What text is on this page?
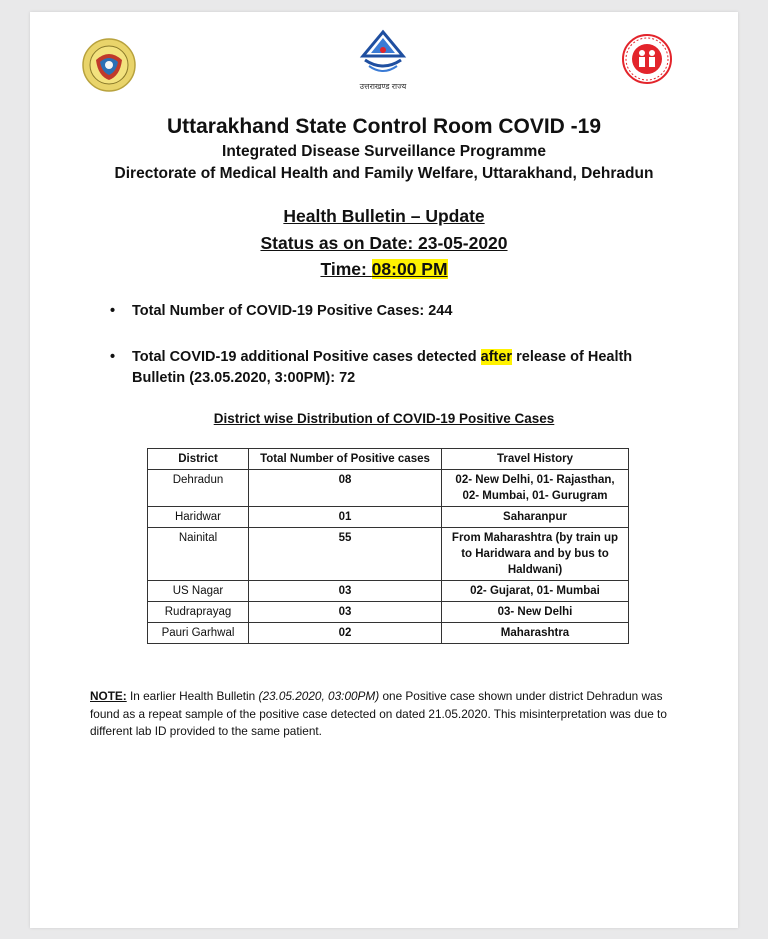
उत्तराखण्ड राज्य
Uttarakhand State Control Room COVID -19
Integrated Disease Surveillance Programme
Directorate of Medical Health and Family Welfare, Uttarakhand, Dehradun
Health Bulletin – Update
Status as on Date: 23-05-2020
Time: 08:00 PM
•	Total Number of COVID-19 Positive Cases: 244
•	Total COVID-19 additional Positive cases detected after release of Health Bulletin (23.05.2020, 3:00PM): 72
District wise Distribution of COVID-19 Positive Cases
District	Total Number of Positive cases	Travel History
Dehradun	08	02- New Delhi, 01- Rajasthan, 02- Mumbai, 01- Gurugram
Haridwar	01	Saharanpur
Nainital	55	From Maharashtra (by train up to Haridwara and by bus to Haldwani)
US Nagar	03	02- Gujarat, 01- Mumbai
Rudraprayag	03	03- New Delhi
Pauri Garhwal	02	Maharashtra
NOTE: In earlier Health Bulletin (23.05.2020, 03:00PM) one Positive case shown under district Dehradun was found as a repeat sample of the positive case detected on dated 21.05.2020. This misinterpretation was due to different lab ID provided to the same patient.
